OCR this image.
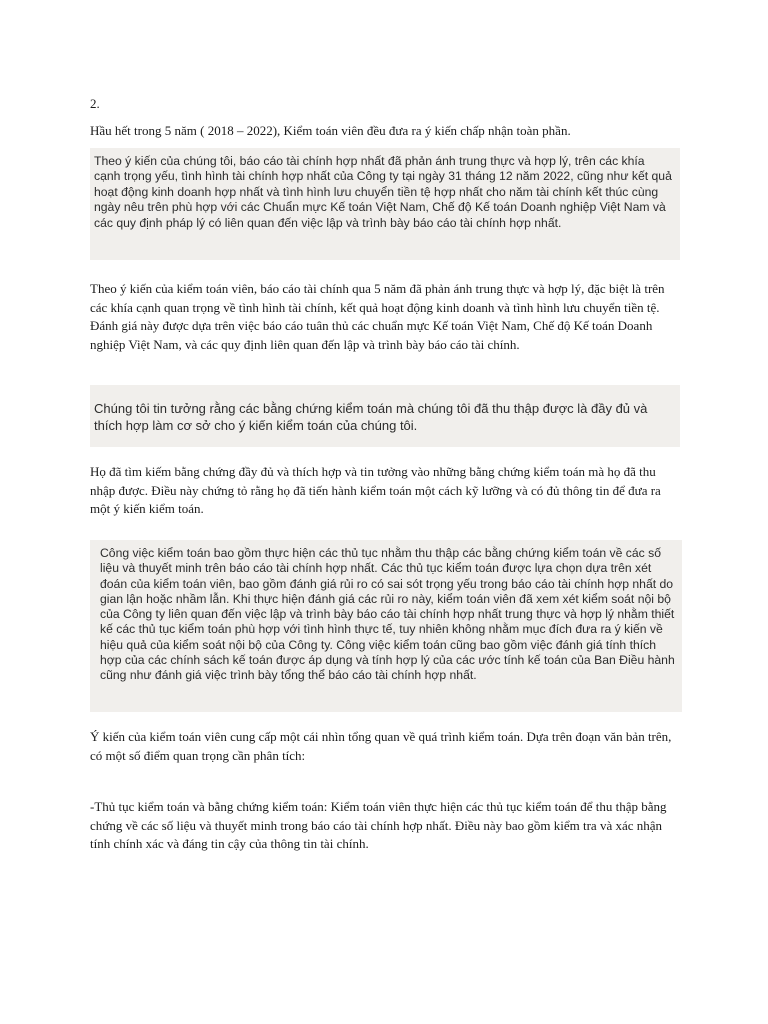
2.

Hầu hết trong 5 năm ( 2018 – 2022), Kiểm toán viên đều đưa ra ý kiến chấp nhận toàn phần.

Theo ý kiến của chúng tôi, báo cáo tài chính hợp nhất đã phản ánh trung thực và hợp lý, trên các khía cạnh trọng yếu, tình hình tài chính hợp nhất của Công ty tại ngày 31 tháng 12 năm 2022, cũng như kết quả hoạt động kinh doanh hợp nhất và tình hình lưu chuyển tiền tệ hợp nhất cho năm tài chính kết thúc cùng ngày nêu trên phù hợp với các Chuẩn mực Kế toán Việt Nam, Chế độ Kế toán Doanh nghiệp Việt Nam và các quy định pháp lý có liên quan đến việc lập và trình bày báo cáo tài chính hợp nhất.

Theo ý kiến của kiểm toán viên, báo cáo tài chính qua 5 năm đã phản ánh trung thực và hợp lý, đặc biệt là trên các khía cạnh quan trọng về tình hình tài chính, kết quả hoạt động kinh doanh và tình hình lưu chuyển tiền tệ. Đánh giá này được dựa trên việc báo cáo tuân thủ các chuẩn mực Kế toán Việt Nam, Chế độ Kế toán Doanh nghiệp Việt Nam, và các quy định liên quan đến lập và trình bày báo cáo tài chính.

Chúng tôi tin tưởng rằng các bằng chứng kiểm toán mà chúng tôi đã thu thập được là đầy đủ và thích hợp làm cơ sở cho ý kiến kiểm toán của chúng tôi.

Họ đã tìm kiếm bằng chứng đầy đủ và thích hợp và tin tưởng vào những bằng chứng kiểm toán mà họ đã thu nhập được. Điều này chứng tỏ rằng họ đã tiến hành kiểm toán một cách kỹ lưỡng và có đủ thông tin để đưa ra một ý kiến kiểm toán.

Công việc kiểm toán bao gồm thực hiện các thủ tục nhằm thu thập các bằng chứng kiểm toán về các số liệu và thuyết minh trên báo cáo tài chính hợp nhất. Các thủ tục kiểm toán được lựa chọn dựa trên xét đoán của kiểm toán viên, bao gồm đánh giá rủi ro có sai sót trọng yếu trong báo cáo tài chính hợp nhất do gian lận hoặc nhầm lẫn. Khi thực hiện đánh giá các rủi ro này, kiểm toán viên đã xem xét kiểm soát nội bộ của Công ty liên quan đến việc lập và trình bày báo cáo tài chính hợp nhất trung thực và hợp lý nhằm thiết kế các thủ tục kiểm toán phù hợp với tình hình thực tế, tuy nhiên không nhằm mục đích đưa ra ý kiến về hiệu quả của kiểm soát nội bộ của Công ty. Công việc kiểm toán cũng bao gồm việc đánh giá tính thích hợp của các chính sách kế toán được áp dụng và tính hợp lý của các ước tính kế toán của Ban Điều hành cũng như đánh giá việc trình bày tổng thể báo cáo tài chính hợp nhất.

Ý kiến của kiểm toán viên cung cấp một cái nhìn tổng quan về quá trình kiểm toán. Dựa trên đoạn văn bản trên, có một số điểm quan trọng cần phân tích:

-Thủ tục kiểm toán và bằng chứng kiểm toán: Kiểm toán viên thực hiện các thủ tục kiểm toán để thu thập bằng chứng về các số liệu và thuyết minh trong báo cáo tài chính hợp nhất. Điều này bao gồm kiểm tra và xác nhận tính chính xác và đáng tin cậy của thông tin tài chính.
